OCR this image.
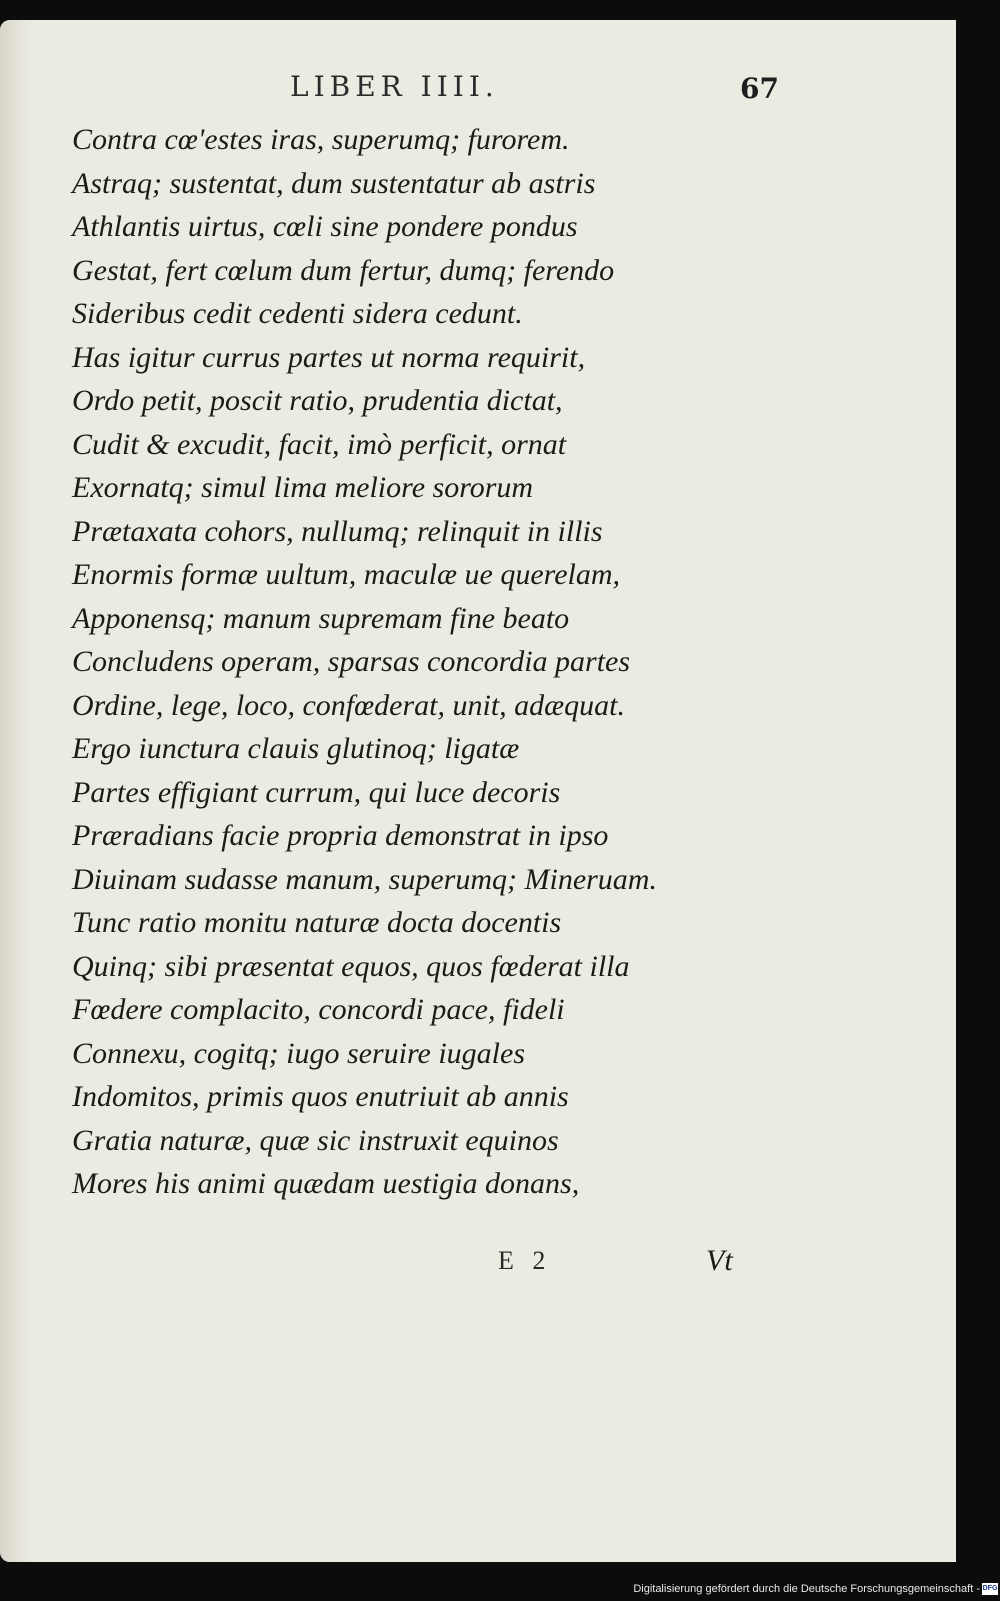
LIBER IIII.	67
Contra cœ'estes iras, superumq; furorem.
Astraq; sustentat, dum sustentatur ab astris
Athlantis uirtus, cœli sine pondere pondus
Gestat, fert cœlum dum fertur, dumq; ferendo
Sideribus cedit cedenti sidera cedunt.
Has igitur currus partes ut norma requirit,
Ordo petit, poscit ratio, prudentia dictat,
Cudit & excudit, facit, imò perficit, ornat
Exornatq; simul lima meliore sororum
Prætaxata cohors, nullumq; relinquit in illis
Enormis formæ uultum, maculæ ue querelam,
Apponensq; manum supremam fine beato
Concludens operam, sparsas concordia partes
Ordine, lege, loco, confœderat, unit, adæquat.
Ergo iunctura clauis glutinoq; ligatæ
Partes effigiant currum, qui luce decoris
Præradians facie propria demonstrat in ipso
Diuinam sudasse manum, superumq; Mineruam.
Tunc ratio monitu naturæ docta docentis
Quinq; sibi præsentat equos, quos fœderat illa
Fœdere complacito, concordi pace, fideli
Connexu, cogitq; iugo seruire iugales
Indomitos, primis quos enutriuit ab annis
Gratia naturæ, quæ sic instruxit equinos
Mores his animi quædam uestigia donans,
E 2	Vt
Digitalisierung gefördert durch die Deutsche Forschungsgemeinschaft - DFG
